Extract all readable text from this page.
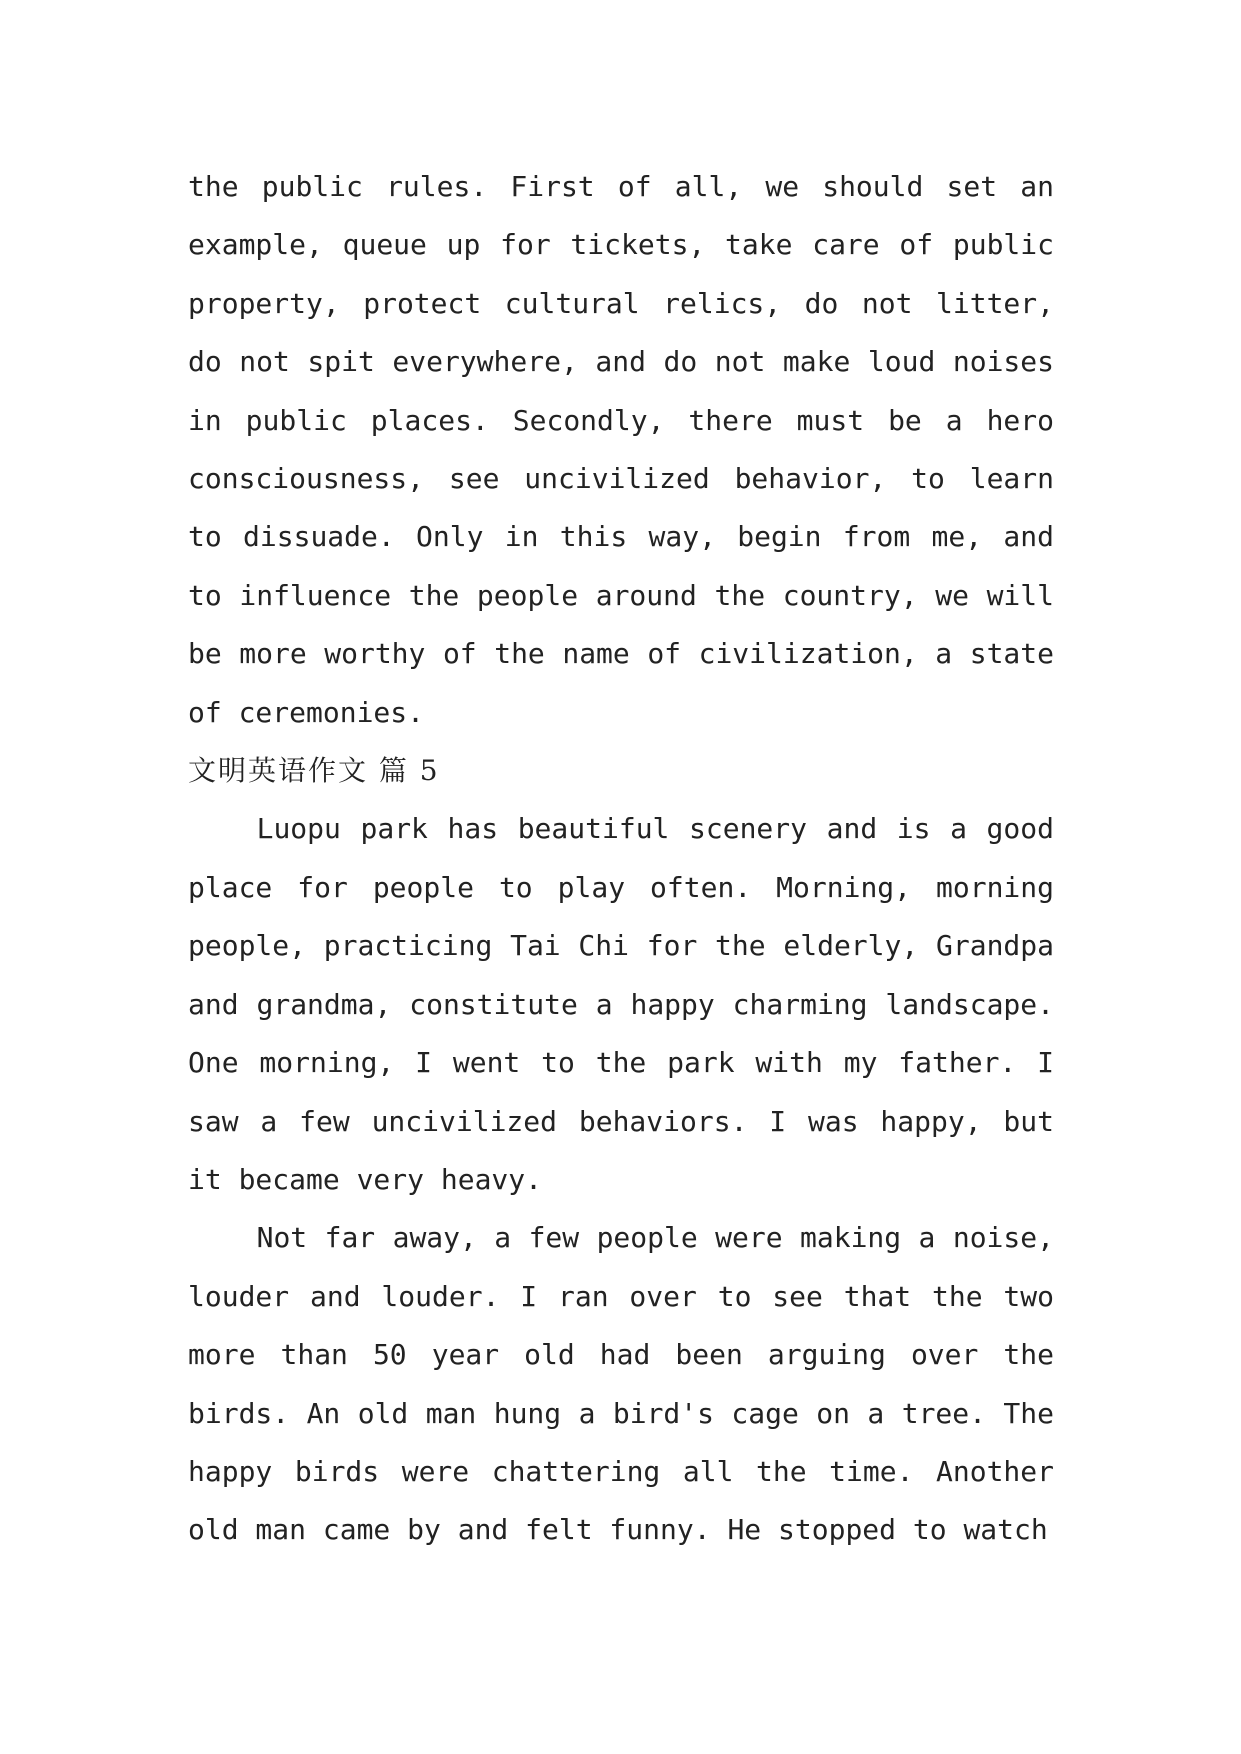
the public rules. First of all, we should set an example, queue up for tickets, take care of public property, protect cultural relics, do not litter, do not spit everywhere, and do not make loud noises in public places. Secondly, there must be a hero consciousness, see uncivilized behavior, to learn to dissuade. Only in this way, begin from me, and to influence the people around the country, we will be more worthy of the name of civilization, a state of ceremonies.

文明英语作文 篇 5

Luopu park has beautiful scenery and is a good place for people to play often. Morning, morning people, practicing Tai Chi for the elderly, Grandpa and grandma, constitute a happy charming landscape. One morning, I went to the park with my father. I saw a few uncivilized behaviors. I was happy, but it became very heavy.

Not far away, a few people were making a noise, louder and louder. I ran over to see that the two more than 50 year old had been arguing over the birds. An old man hung a bird's cage on a tree. The happy birds were chattering all the time. Another old man came by and felt funny. He stopped to watch
